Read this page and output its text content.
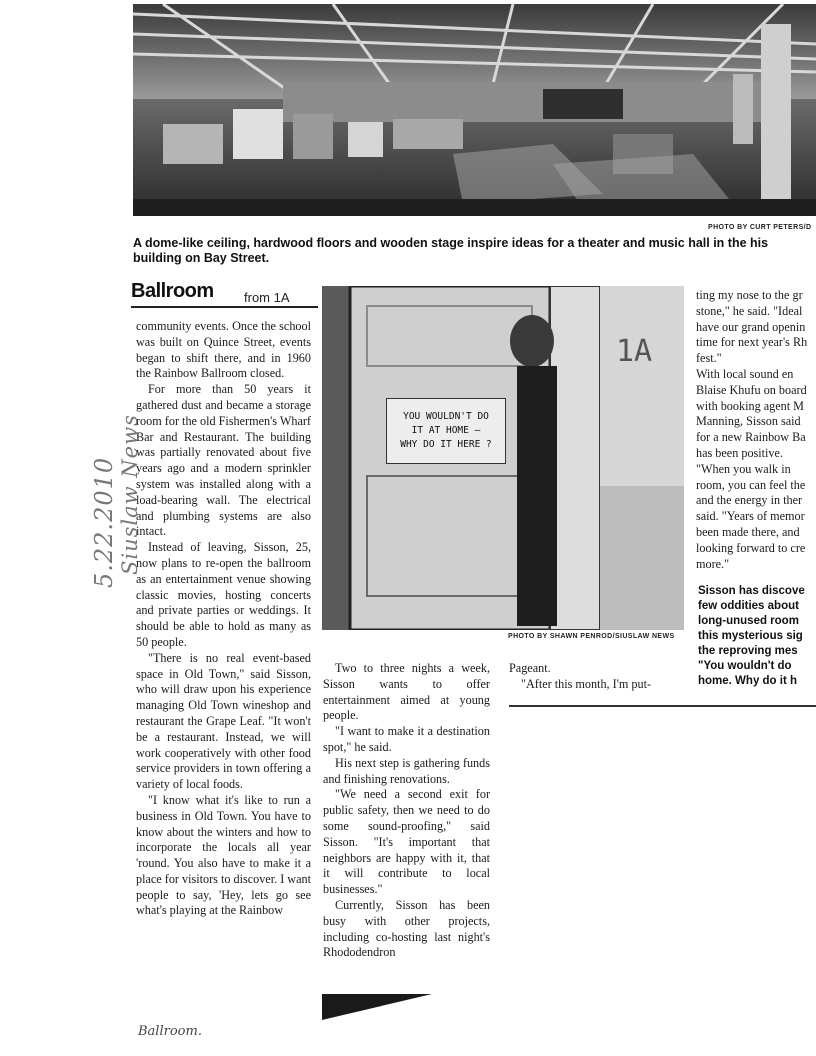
PHOTO BY CURT PETERS/D
A dome-like ceiling, hardwood floors and wooden stage inspire ideas for a theater and music hall in the his
building on Bay Street.
Ballroom from 1A

community events. Once the school was built on Quince Street, events began to shift there, and in 1960 the Rainbow Ballroom closed.

For more than 50 years it gathered dust and became a storage room for the old Fishermen's Wharf Bar and Restaurant. The building was partially renovated about five years ago and a modern sprinkler system was installed along with a load-bearing wall. The electrical and plumbing systems are also intact.

Instead of leaving, Sisson, 25, now plans to re-open the ballroom as an entertainment venue showing classic movies, hosting concerts and private parties or weddings. It should be able to hold as many as 50 people.

"There is no real event-based space in Old Town," said Sisson, who will draw upon his experience managing Old Town wineshop and restaurant the Grape Leaf. "It won't be a restaurant. Instead, we will work cooperatively with other food service providers in town offering a variety of local foods.

"I know what it's like to run a business in Old Town. You have to know about the winters and how to incorporate the locals all year 'round. You also have to make it a place for visitors to discover. I want people to say, 'Hey, lets go see what's playing at the Rainbow

YOU WOULDN'T DO
IT AT HOME —
WHY DO IT HERE ?
1A
PHOTO BY SHAWN PENROD/SIUSLAW NEWS

Two to three nights a week, Sisson wants to offer entertainment aimed at young people.

"I want to make it a destination spot," he said.

His next step is gathering funds and finishing renovations.

"We need a second exit for public safety, then we need to do some sound-proofing," said Sisson. "It's important that neighbors are happy with it, that it will contribute to local businesses."

Currently, Sisson has been busy with other projects, including co-hosting last night's Rhododendron

Pageant.

"After this month, I'm put-

ting my nose to the gr
stone," he said. "Ideal
have our grand openin
time for next year's Rh
fest."
With local sound en
Blaise Khufu on board
with booking agent M
Manning, Sisson said
for a new Rainbow Ba
has been positive.
"When you walk in
room, you can feel the
and the energy in ther
said. "Years of memor
been made there, and
looking forward to cre
more."
Sisson has discove
few oddities about
long-unused room
this mysterious sig
the reproving mes
"You wouldn't do
home. Why do it h
Siuslaw News
5.22.2010
Ballroom.
